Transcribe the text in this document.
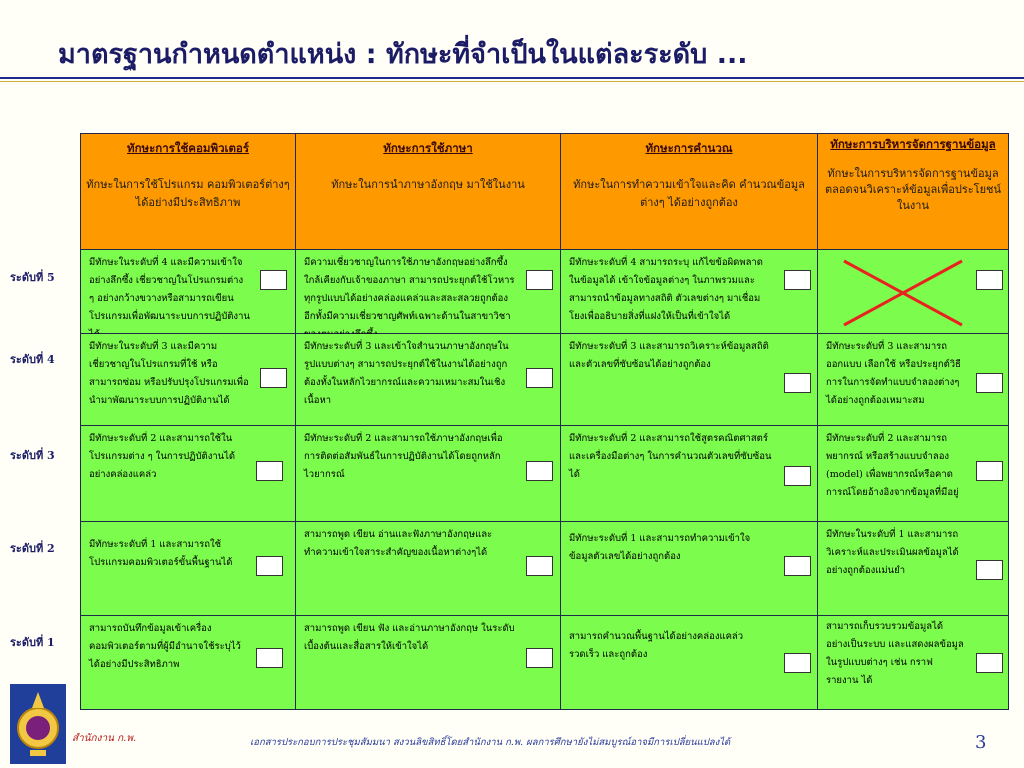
มาตรฐานกำหนดตำแหน่ง : ทักษะที่จำเป็นในแต่ละระดับ ...
ทักษะการใช้คอมพิวเตอร์
ทักษะในการใช้โปรแกรม คอมพิวเตอร์ต่างๆ ได้อย่างมีประสิทธิภาพ
ทักษะการใช้ภาษา
ทักษะในการนำภาษาอังกฤษ มาใช้ในงาน
ทักษะการคำนวณ
ทักษะในการทำความเข้าใจและคิด คำนวณข้อมูลต่างๆ ได้อย่างถูกต้อง
ทักษะการบริหารจัดการฐานข้อมูล
ทักษะในการบริหารจัดการฐานข้อมูล ตลอดจนวิเคราะห์ข้อมูลเพื่อประโยชน์ในงาน
ระดับที่ 5
ระดับที่ 4
ระดับที่ 3
ระดับที่ 2
ระดับที่ 1
มีทักษะในระดับที่ 4 และมีความเข้าใจอย่างลึกซึ้ง เชี่ยวชาญในโปรแกรมต่าง ๆ อย่างกว้างขวางหรือสามารถเขียน โปรแกรมเพื่อพัฒนาระบบการปฏิบัติงาน
มีความเชี่ยวชาญในการใช้ภาษาอังกฤษอย่างลึกซึ้งใกล้เคียงกับเจ้าของภาษา สามารถประยุกต์ใช้โวหารทุกรูปแบบได้อย่างคล่องแคล่วและสละสลวยถูกต้อง อีกทั้งมีความเชี่ยวชาญศัพท์เฉพาะด้านในสาขาวิชา
มีทักษะระดับที่ 4 สามารถระบุ แก้ไขข้อผิดพลาดในข้อมูลได้ เข้าใจข้อมูลต่างๆ ในภาพรวมและสามารถนำข้อมูลทางสถิติ ตัวเลขต่างๆ มาเชื่อมโยงเพื่ออธิบายสิ่งที่แฝงให้เป็นที่เข้าใจได้
มีทักษะในระดับที่ 3 และมีความเชี่ยวชาญในโปรแกรมที่ใช้ หรือสามารถซ่อม หรือปรับปรุงโปรแกรมเพื่อนำมาพัฒนาระบบการปฏิบัติงานได้
มีทักษะระดับที่ 3 และเข้าใจสำนวนภาษาอังกฤษในรูปแบบต่างๆ สามารถประยุกต์ใช้ในงานได้อย่างถูกต้องทั้งในหลักไวยากรณ์และความเหมาะสมในเชิงเนื้อหา
มีทักษะระดับที่ 3 และสามารถวิเคราะห์ข้อมูลสถิติ และตัวเลขที่ซับซ้อนได้อย่างถูกต้อง
มีทักษะระดับที่ 3 และสามารถออกแบบ เลือกใช้ หรือประยุกต์วิธีการในการจัดทำแบบจำลองต่างๆ ได้อย่างถูกต้องเหมาะสม
มีทักษะระดับที่ 2 และสามารถใช้ในโปรแกรมต่าง ๆ ในการปฏิบัติงานได้อย่างคล่องแคล่ว
มีทักษะระดับที่ 2 และสามารถใช้ภาษาอังกฤษเพื่อการติดต่อสัมพันธ์ในการปฏิบัติงานได้โดยถูกหลักไวยากรณ์
มีทักษะระดับที่ 2 และสามารถใช้สูตรคณิตศาสตร์และเครื่องมือต่างๆ ในการคำนวณตัวเลขที่ซับซ้อนได้
มีทักษะระดับที่ 2 และสามารถพยากรณ์ หรือสร้างแบบจำลอง (model) เพื่อพยากรณ์หรือคาดการณ์โดยอ้างอิงจากข้อมูลที่มีอยู่
มีทักษะระดับที่ 1 และสามารถใช้โปรแกรมคอมพิวเตอร์ขั้นพื้นฐานได้
สามารถพูด เขียน อ่านและฟังภาษาอังกฤษและทำความเข้าใจสาระสำคัญของเนื้อหาต่างๆได้
มีทักษะระดับที่ 1 และสามารถทำความเข้าใจข้อมูลตัวเลขได้อย่างถูกต้อง
มีทักษะในระดับที่ 1 และสามารถวิเคราะห์และประเมินผลข้อมูลได้อย่างถูกต้องแม่นยำ
สามารถบันทึกข้อมูลเข้าเครื่องคอมพิวเตอร์ตามที่ผู้มีอำนาจใช้ระบุไว้ได้อย่างมีประสิทธิภาพ
สามารถพูด เขียน ฟัง และอ่านภาษาอังกฤษ ในระดับเบื้องต้นและสื่อสารให้เข้าใจได้
สามารถคำนวณพื้นฐานได้อย่างคล่องแคล่ว รวดเร็ว และถูกต้อง
สามารถเก็บรวบรวมข้อมูลได้อย่างเป็นระบบ และแสดงผลข้อมูลในรูปแบบต่างๆ เช่น กราฟ รายงาน ได้
สำนักงาน ก.พ.	เอกสารประกอบการประชุมสัมมนา สงวนลิขสิทธิ์โดยสำนักงาน ก.พ. ผลการศึกษายังไม่สมบูรณ์อาจมีการเปลี่ยนแปลงได้	3
